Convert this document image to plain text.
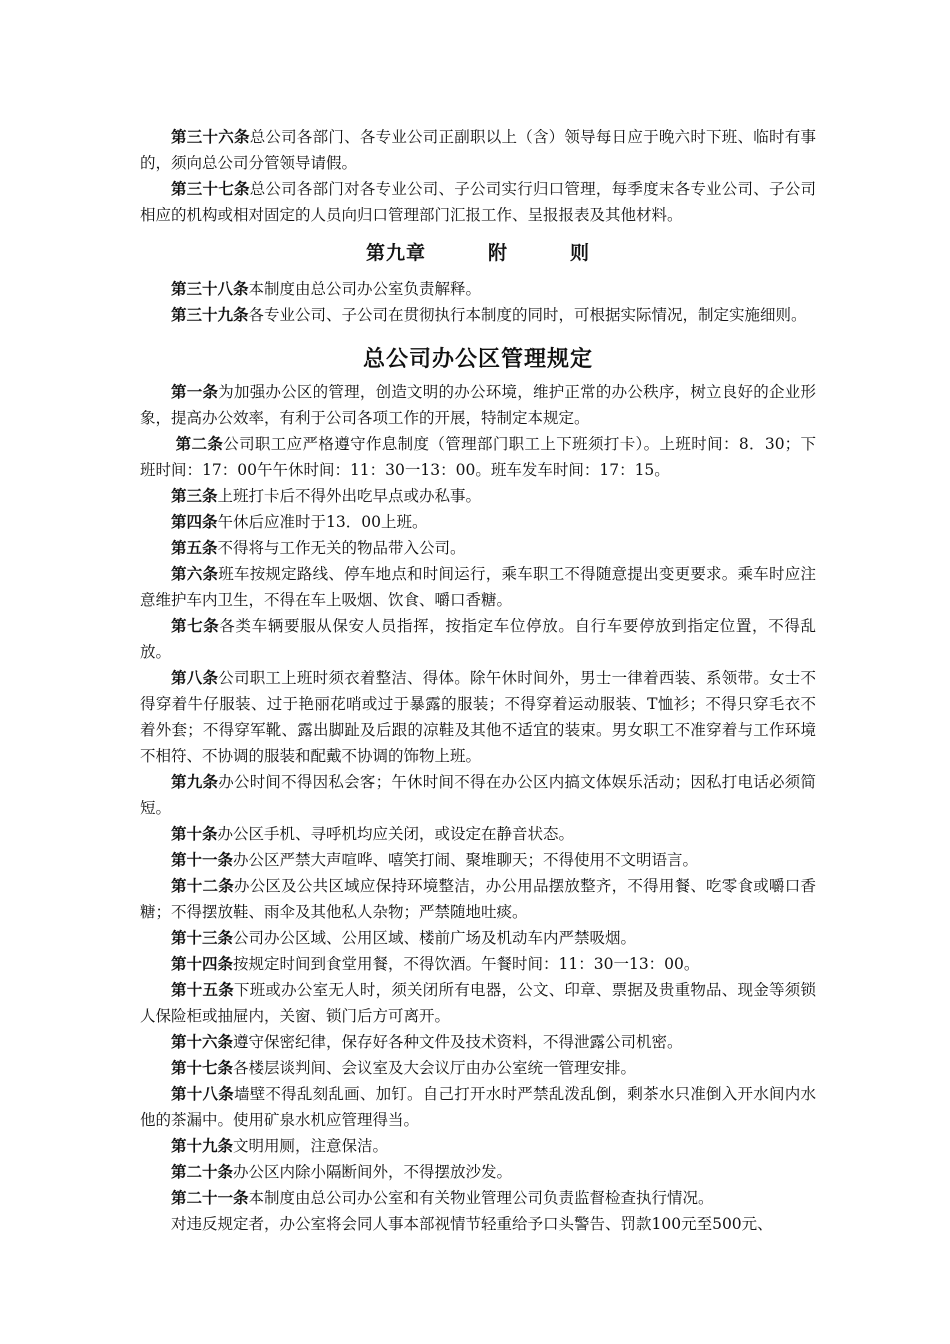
第三十六条总公司各部门、各专业公司正副职以上（含）领导每日应于晚六时下班、临时有事的，须向总公司分管领导请假。

第三十七条总公司各部门对各专业公司、子公司实行归口管理，每季度末各专业公司、子公司相应的机构或相对固定的人员向归口管理部门汇报工作、呈报报表及其他材料。

第九章	附	则

第三十八条本制度由总公司办公室负责解释。

第三十九条各专业公司、子公司在贯彻执行本制度的同时，可根据实际情况，制定实施细则。

总公司办公区管理规定

第一条为加强办公区的管理，创造文明的办公环境，维护正常的办公秩序，树立良好的企业形象，提高办公效率，有利于公司各项工作的开展，特制定本规定。

第二条公司职工应严格遵守作息制度（管理部门职工上下班须打卡）。上班时间：8．30；下班时间：17：00午午休时间：11：30一13：00。班车发车时间：17：15。

第三条上班打卡后不得外出吃早点或办私事。

第四条午休后应准时于13．00上班。

第五条不得将与工作无关的物品带入公司。

第六条班车按规定路线、停车地点和时间运行，乘车职工不得随意提出变更要求。乘车时应注意维护车内卫生，不得在车上吸烟、饮食、嚼口香糖。

第七条各类车辆要服从保安人员指挥，按指定车位停放。自行车要停放到指定位置，不得乱放。

第八条公司职工上班时须衣着整洁、得体。除午休时间外，男士一律着西装、系领带。女士不得穿着牛仔服装、过于艳丽花哨或过于暴露的服装；不得穿着运动服装、T恤衫；不得只穿毛衣不着外套；不得穿军靴、露出脚趾及后跟的凉鞋及其他不适宜的装束。男女职工不准穿着与工作环境不相符、不协调的服装和配戴不协调的饰物上班。

第九条办公时间不得因私会客；午休时间不得在办公区内搞文体娱乐活动；因私打电话必须简短。

第十条办公区手机、寻呼机均应关闭，或设定在静音状态。

第十一条办公区严禁大声喧哗、嘻笑打闹、聚堆聊天；不得使用不文明语言。

第十二条办公区及公共区域应保持环境整洁，办公用品摆放整齐，不得用餐、吃零食或嚼口香糖；不得摆放鞋、雨伞及其他私人杂物；严禁随地吐痰。

第十三条公司办公区域、公用区域、楼前广场及机动车内严禁吸烟。

第十四条按规定时间到食堂用餐，不得饮酒。午餐时间：11：30一13：00。

第十五条下班或办公室无人时，须关闭所有电器，公文、印章、票据及贵重物品、现金等须锁人保险柜或抽屉内，关窗、锁门后方可离开。

第十六条遵守保密纪律，保存好各种文件及技术资料，不得泄露公司机密。

第十七条各楼层谈判间、会议室及大会议厅由办公室统一管理安排。

第十八条墙壁不得乱刻乱画、加钉。自己打开水时严禁乱泼乱倒，剩茶水只准倒入开水间内水他的茶漏中。使用矿泉水机应管理得当。

第十九条文明用厕，注意保洁。

第二十条办公区内除小隔断间外，不得摆放沙发。

第二十一条本制度由总公司办公室和有关物业管理公司负责监督检查执行情况。

对违反规定者，办公室将会同人事本部视情节轻重给予口头警告、罚款100元至500元、
